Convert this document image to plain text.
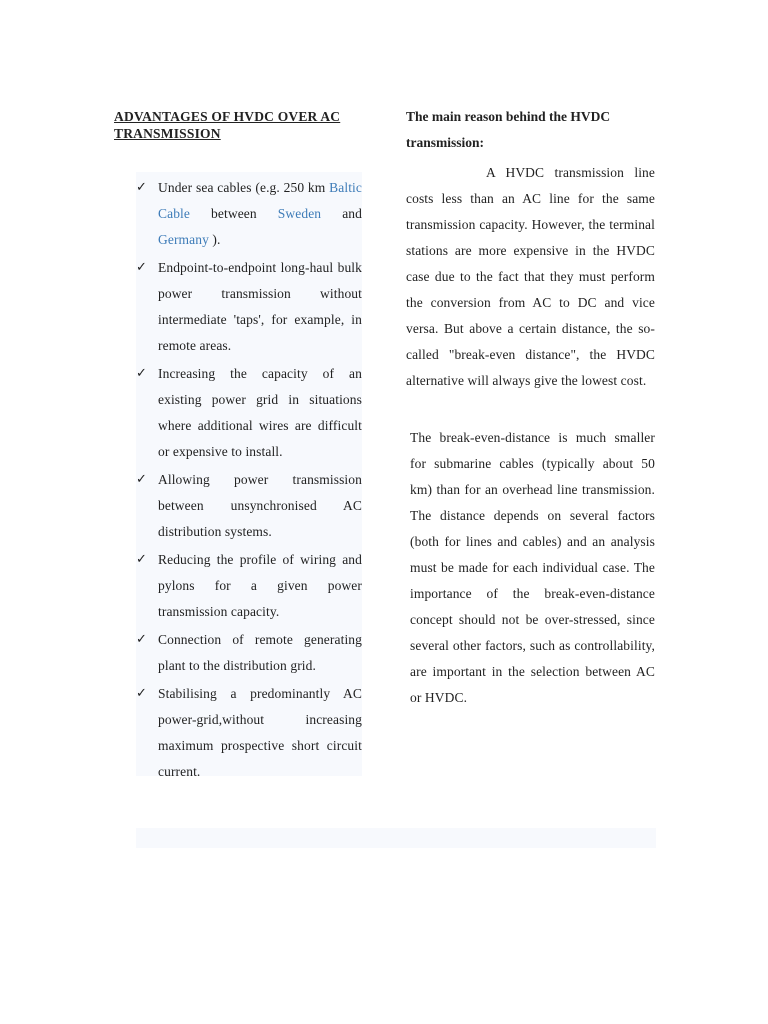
ADVANTAGES OF HVDC OVER AC TRANSMISSION
✓ Under sea cables (e.g. 250 km Baltic Cable between Sweden and Germany ).
✓ Endpoint-to-endpoint long-haul bulk power transmission without intermediate 'taps', for example, in remote areas.
✓ Increasing the capacity of an existing power grid in situations where additional wires are difficult or expensive to install.
✓ Allowing power transmission between unsynchronised AC distribution systems.
✓ Reducing the profile of wiring and pylons for a given power transmission capacity.
✓ Connection of remote generating plant to the distribution grid.
✓ Stabilising a predominantly AC power-grid,without increasing maximum prospective short circuit current.
The main reason behind the HVDC transmission:

A HVDC transmission line costs less than an AC line for the same transmission capacity. However, the terminal stations are more expensive in the HVDC case due to the fact that they must perform the conversion from AC to DC and vice versa. But above a certain distance, the so-called "break-even distance", the HVDC alternative will always give the lowest cost.

The break-even-distance is much smaller for submarine cables (typically about 50 km) than for an overhead line transmission. The distance depends on several factors (both for lines and cables) and an analysis must be made for each individual case. The importance of the break-even-distance concept should not be over-stressed, since several other factors, such as controllability, are important in the selection between AC or HVDC.
